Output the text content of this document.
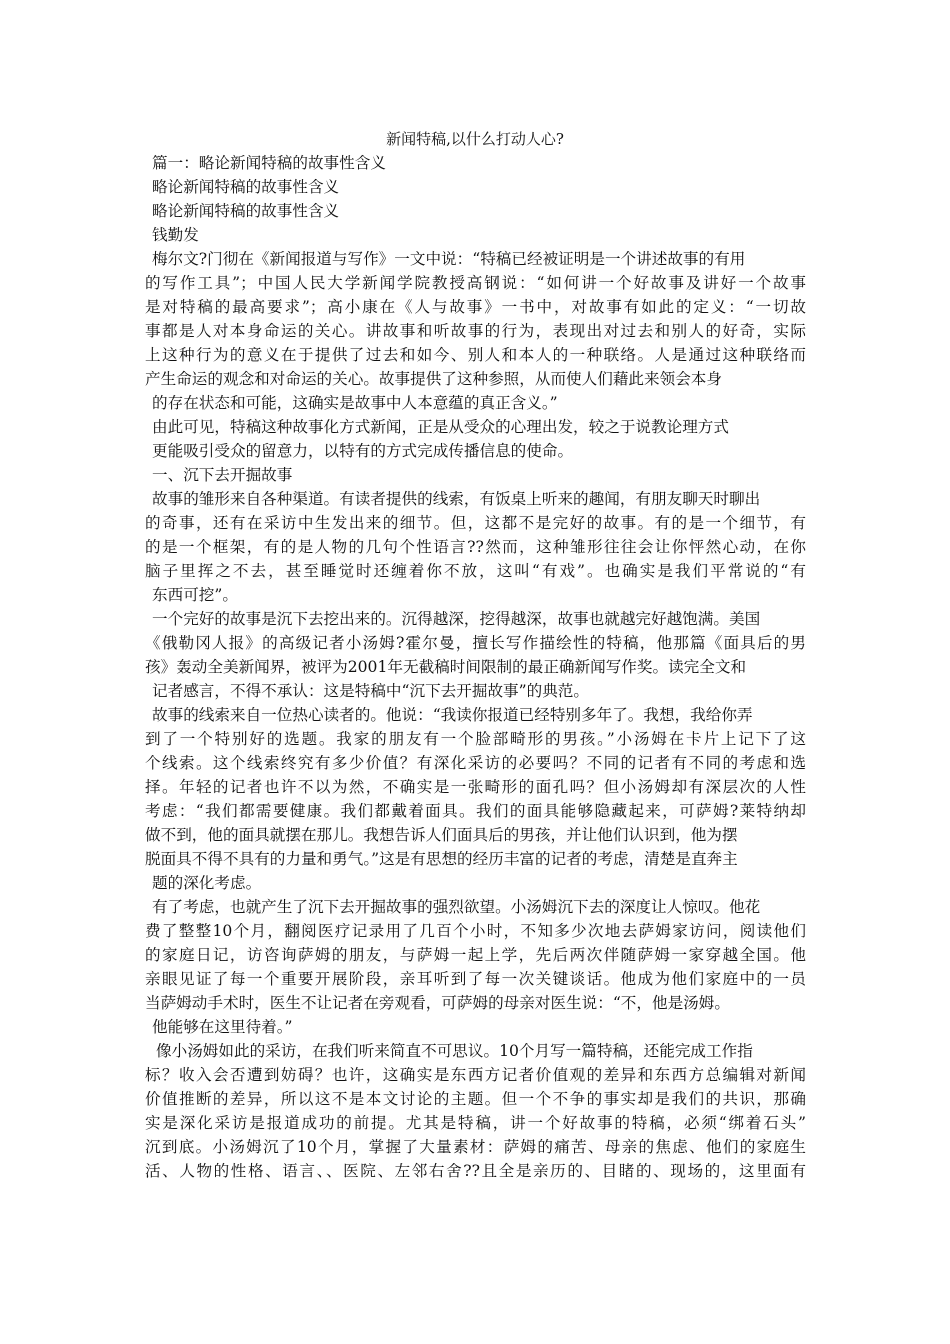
新闻特稿,以什么打动人心?
篇一：略论新闻特稿的故事性含义
略论新闻特稿的故事性含义
略论新闻特稿的故事性含义
钱勤发
梅尔文?门彻在《新闻报道与写作》一文中说：“特稿已经被证明是一个讲述故事的有用
的写作工具”；中国人民大学新闻学院教授高钢说：“如何讲一个好故事及讲好一个故事
是对特稿的最高要求”；高小康在《人与故事》一书中，对故事有如此的定义：“一切故
事都是人对本身命运的关心。讲故事和听故事的行为，表现出对过去和别人的好奇，实际
上这种行为的意义在于提供了过去和如今、别人和本人的一种联络。人是通过这种联络而
产生命运的观念和对命运的关心。故事提供了这种参照，从而使人们藉此来领会本身
的存在状态和可能，这确实是故事中人本意蕴的真正含义。”
由此可见，特稿这种故事化方式新闻，正是从受众的心理出发，较之于说教论理方式
更能吸引受众的留意力，以特有的方式完成传播信息的使命。
一、沉下去开掘故事
故事的雏形来自各种渠道。有读者提供的线索，有饭桌上听来的趣闻，有朋友聊天时聊出
的奇事，还有在采访中生发出来的细节。但，这都不是完好的故事。有的是一个细节，有
的是一个框架，有的是人物的几句个性语言??然而，这种雏形往往会让你怦然心动，在你
脑子里挥之不去，甚至睡觉时还缠着你不放，这叫“有戏”。也确实是我们平常说的“有
东西可挖”。
一个完好的故事是沉下去挖出来的。沉得越深，挖得越深，故事也就越完好越饱满。美国
《俄勒冈人报》的高级记者小汤姆?霍尔曼，擅长写作描绘性的特稿，他那篇《面具后的男
孩》轰动全美新闻界，被评为2001年无截稿时间限制的最正确新闻写作奖。读完全文和
记者感言，不得不承认：这是特稿中“沉下去开掘故事”的典范。
故事的线索来自一位热心读者的。他说：“我读你报道已经特别多年了。我想，我给你弄
到了一个特别好的选题。我家的朋友有一个脸部畸形的男孩。”小汤姆在卡片上记下了这
个线索。这个线索终究有多少价值？有深化采访的必要吗？不同的记者有不同的考虑和选
择。年轻的记者也许不以为然，不确实是一张畸形的面孔吗？但小汤姆却有深层次的人性
考虑：“我们都需要健康。我们都戴着面具。我们的面具能够隐藏起来，可萨姆?莱特纳却
做不到，他的面具就摆在那儿。我想告诉人们面具后的男孩，并让他们认识到，他为摆
脱面具不得不具有的力量和勇气。”这是有思想的经历丰富的记者的考虑，清楚是直奔主
题的深化考虑。
有了考虑，也就产生了沉下去开掘故事的强烈欲望。小汤姆沉下去的深度让人惊叹。他花
费了整整10个月，翻阅医疗记录用了几百个小时，不知多少次地去萨姆家访问，阅读他们
的家庭日记，访咨询萨姆的朋友，与萨姆一起上学，先后两次伴随萨姆一家穿越全国。他
亲眼见证了每一个重要开展阶段，亲耳听到了每一次关键谈话。他成为他们家庭中的一员
当萨姆动手术时，医生不让记者在旁观看，可萨姆的母亲对医生说：“不，他是汤姆。
他能够在这里待着。”
像小汤姆如此的采访，在我们听来简直不可思议。10个月写一篇特稿，还能完成工作指
标？收入会否遭到妨碍？也许，这确实是东西方记者价值观的差异和东西方总编辑对新闻
价值推断的差异，所以这不是本文讨论的主题。但一个不争的事实却是我们的共识，那确
实是深化采访是报道成功的前提。尤其是特稿，讲一个好故事的特稿，必须“绑着石头”
沉到底。小汤姆沉了10个月，掌握了大量素材：萨姆的痛苦、母亲的焦虑、他们的家庭生
活、人物的性格、语言、、医院、左邻右舍??且全是亲历的、目睹的、现场的，这里面有
